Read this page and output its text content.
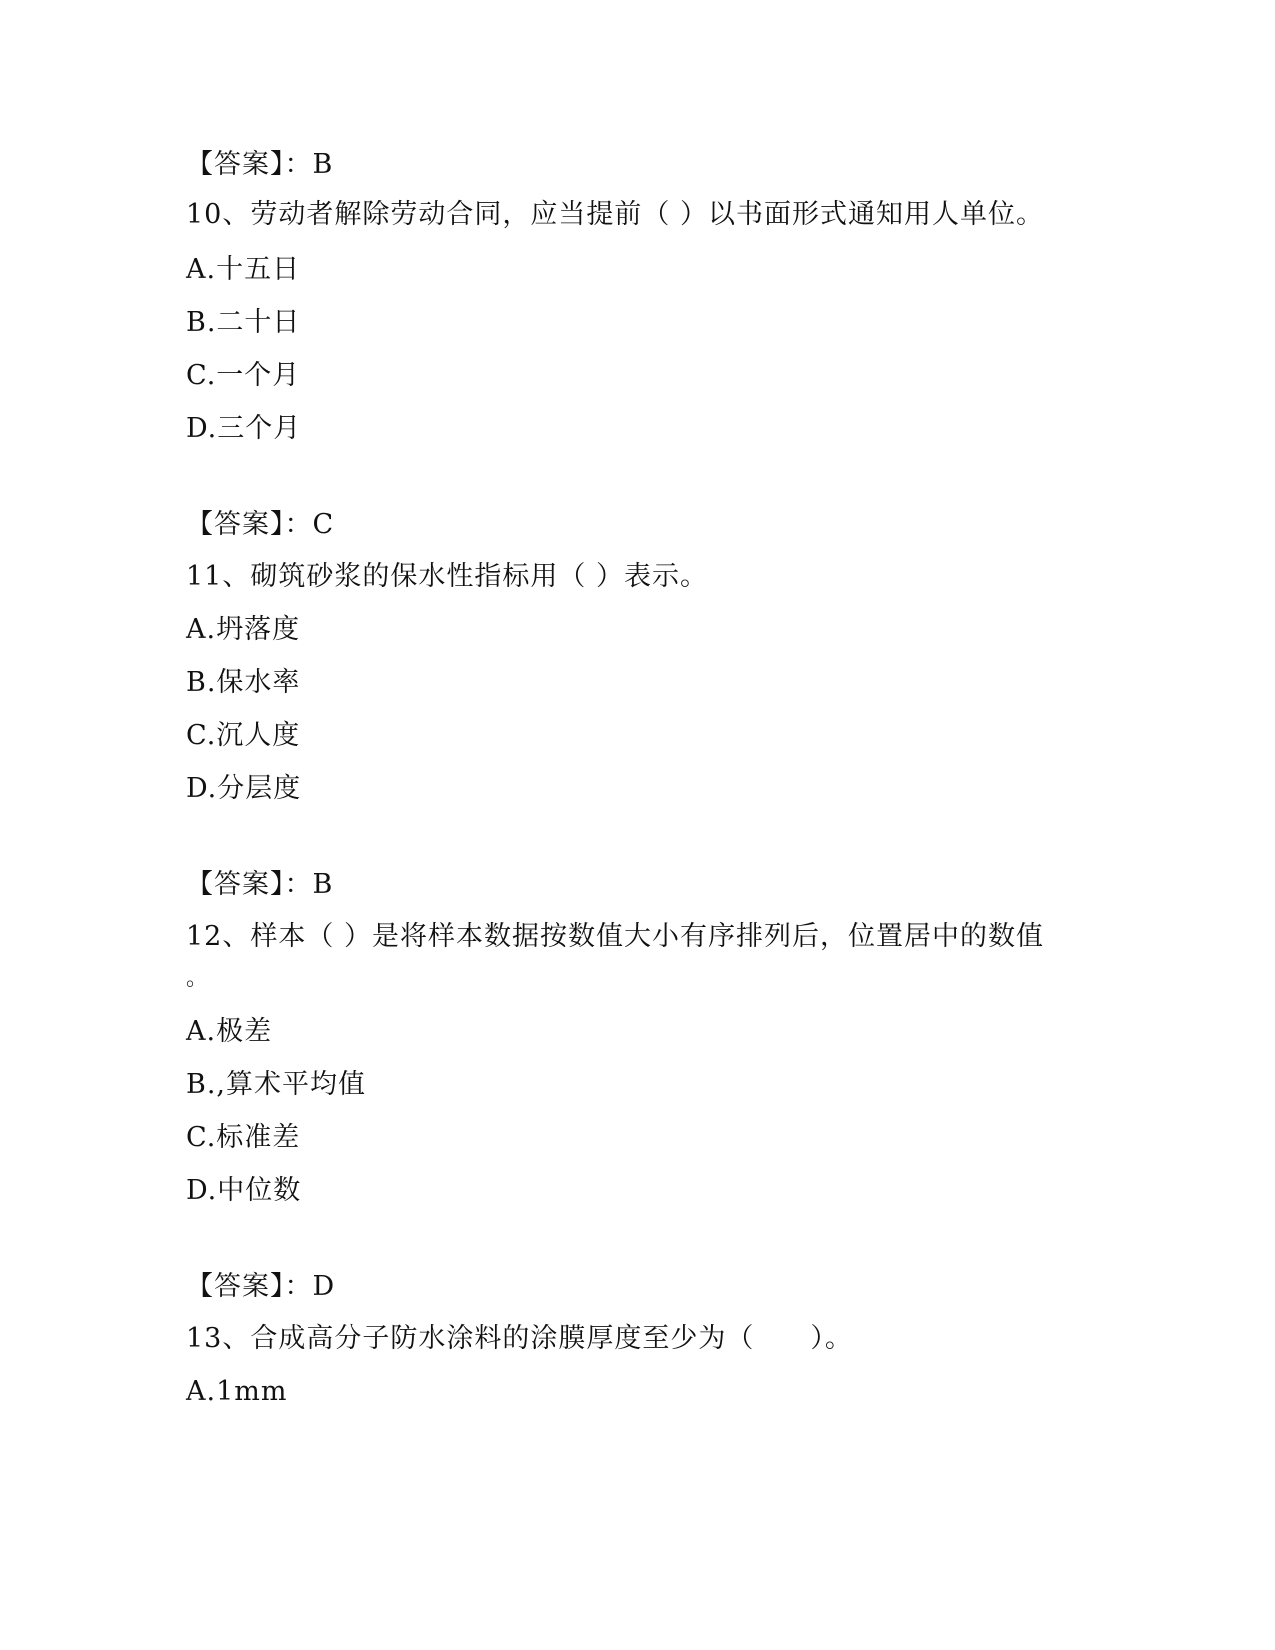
【答案】：B
10、劳动者解除劳动合同，应当提前（ ）以书面形式通知用人单位。
A.十五日
B.二十日
C.一个月
D.三个月
【答案】：C
11、砌筑砂浆的保水性指标用（ ）表示。
A.坍落度
B.保水率
C.沉人度
D.分层度
【答案】：B
12、样本（ ）是将样本数据按数值大小有序排列后，位置居中的数值
。
A.极差
B.,算术平均值
C.标准差
D.中位数
【答案】：D
13、合成高分子防水涂料的涂膜厚度至少为（　　）。
A.1mm
